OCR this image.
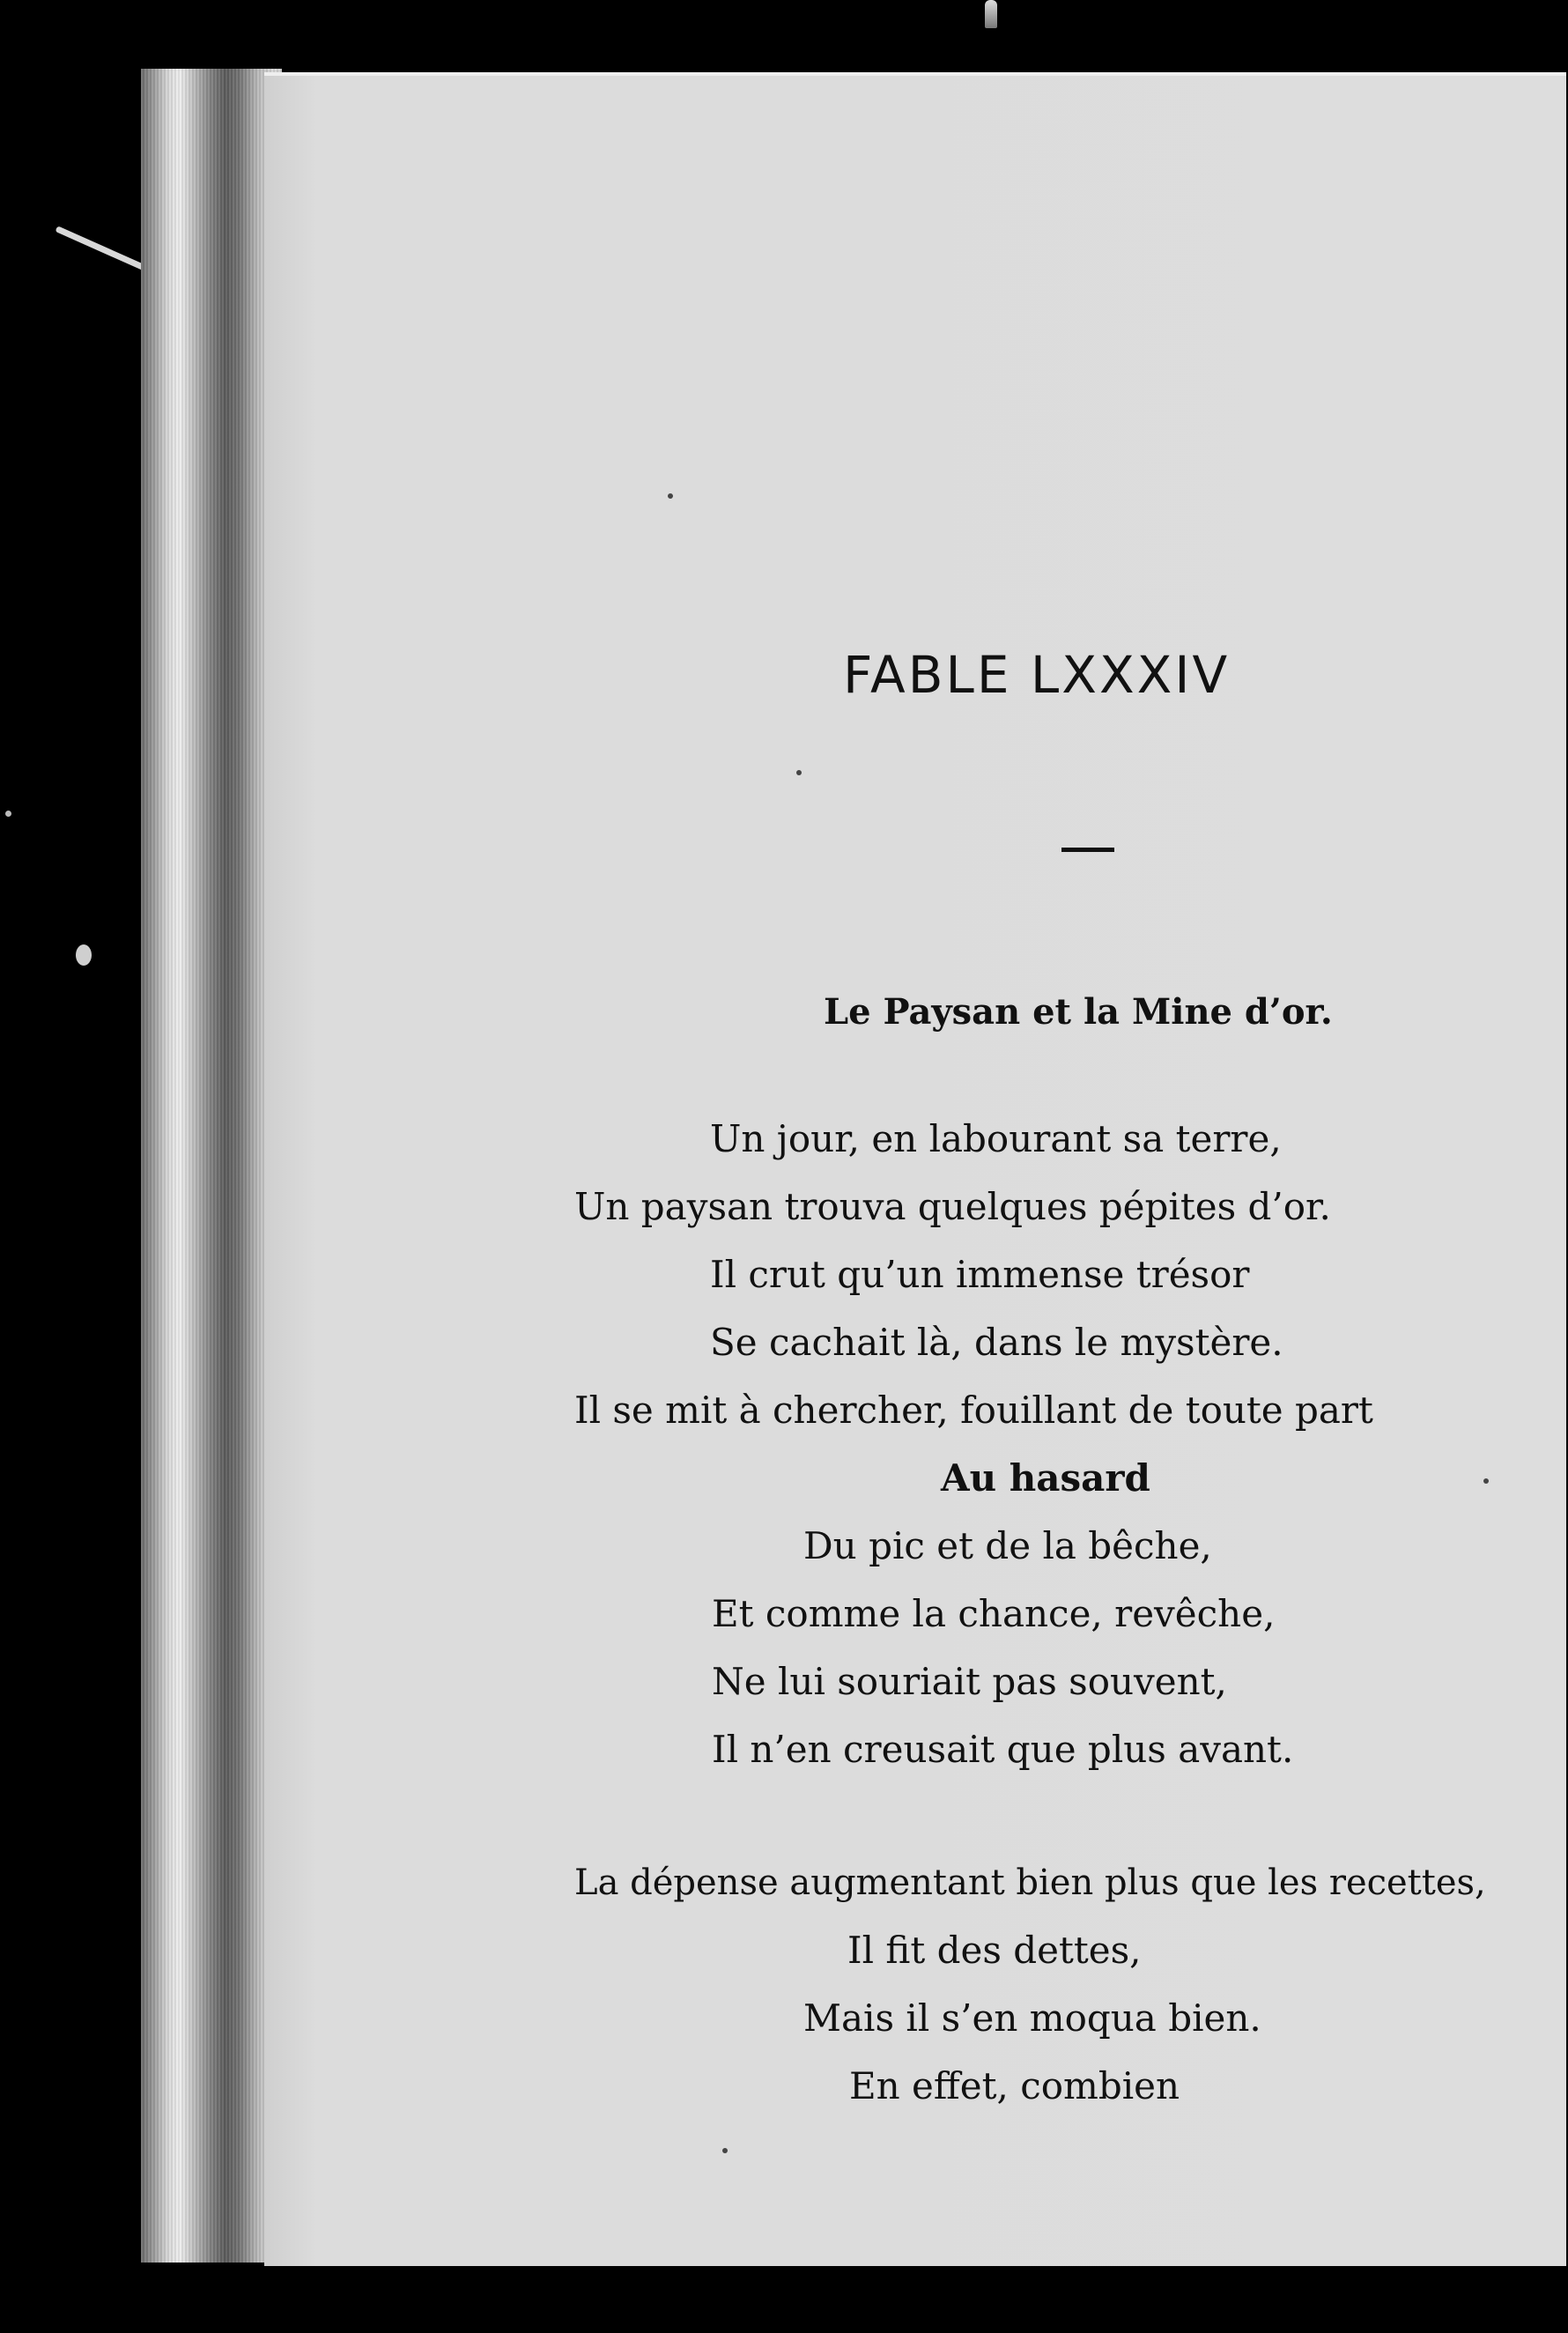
FABLE LXXXIV
Le Paysan et la Mine d’or.

Un jour, en labourant sa terre,

Un paysan trouva quelques pépites d’or.

Il crut qu’un immense trésor

Se cachait là, dans le mystère.

Il se mit à chercher, fouillant de toute part

Au hasard

Du pic et de la bêche,

Et comme la chance, revêche,

Ne lui souriait pas souvent,

Il n’en creusait que plus avant.

La dépense augmentant bien plus que les recettes,

Il fit des dettes,

Mais il s’en moqua bien.

En effet, combien
